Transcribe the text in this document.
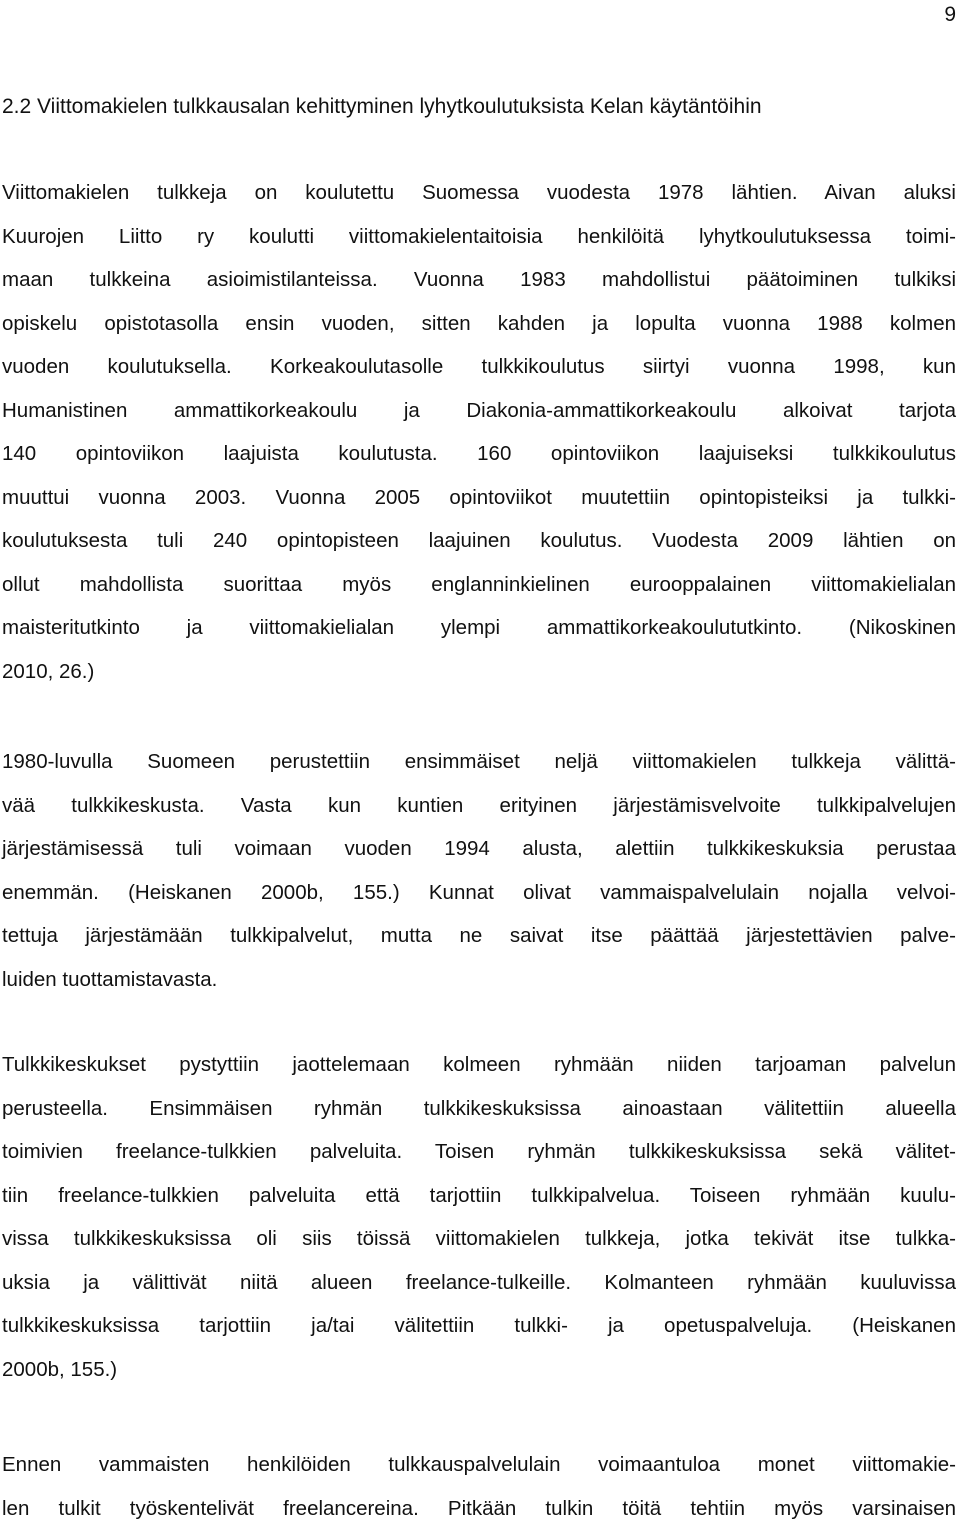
9
2.2 Viittomakielen tulkkausalan kehittyminen lyhytkoulutuksista Kelan käytäntöihin
Viittomakielen tulkkeja on koulutettu Suomessa vuodesta 1978 lähtien. Aivan aluksi
Kuurojen Liitto ry koulutti viittomakielentaitoisia henkilöitä lyhytkoulutuksessa toimi-
maan tulkkeina asioimistilanteissa. Vuonna 1983 mahdollistui päätoiminen tulkiksi
opiskelu opistotasolla ensin vuoden, sitten kahden ja lopulta vuonna 1988 kolmen
vuoden koulutuksella. Korkeakoulutasolle tulkkikoulutus siirtyi vuonna 1998, kun
Humanistinen ammattikorkeakoulu ja Diakonia-ammattikorkeakoulu alkoivat tarjota
140 opintoviikon laajuista koulutusta. 160 opintoviikon laajuiseksi tulkkikoulutus
muuttui vuonna 2003. Vuonna 2005 opintoviikot muutettiin opintopisteiksi ja tulkki-
koulutuksesta tuli 240 opintopisteen laajuinen koulutus. Vuodesta 2009 lähtien on
ollut mahdollista suorittaa myös englanninkielinen eurooppalainen viittomakielialan
maisteritutkinto ja viittomakielialan ylempi ammattikorkeakoulututkinto. (Nikoskinen
2010, 26.)
1980-luvulla Suomeen perustettiin ensimmäiset neljä viittomakielen tulkkeja välittä-
vää tulkkikeskusta. Vasta kun kuntien erityinen järjestämisvelvoite tulkkipalvelujen
järjestämisessä tuli voimaan vuoden 1994 alusta, alettiin tulkkikeskuksia perustaa
enemmän. (Heiskanen 2000b, 155.) Kunnat olivat vammaispalvelulain nojalla velvoi-
tettuja järjestämään tulkkipalvelut, mutta ne saivat itse päättää järjestettävien palve-
luiden tuottamistavasta.
Tulkkikeskukset pystyttiin jaottelemaan kolmeen ryhmään niiden tarjoaman palvelun
perusteella. Ensimmäisen ryhmän tulkkikeskuksissa ainoastaan välitettiin alueella
toimivien freelance-tulkkien palveluita. Toisen ryhmän tulkkikeskuksissa sekä välitet-
tiin freelance-tulkkien palveluita että tarjottiin tulkkipalvelua. Toiseen ryhmään kuulu-
vissa tulkkikeskuksissa oli siis töissä viittomakielen tulkkeja, jotka tekivät itse tulkka-
uksia ja välittivät niitä alueen freelance-tulkeille. Kolmanteen ryhmään kuuluvissa
tulkkikeskuksissa tarjottiin ja/tai välitettiin tulkki- ja opetuspalveluja. (Heiskanen
2000b, 155.)
Ennen vammaisten henkilöiden tulkkauspalvelulain voimaantuloa monet viittomakie-
len tulkit työskentelivät freelancereina. Pitkään tulkin töitä tehtiin myös varsinaisen
